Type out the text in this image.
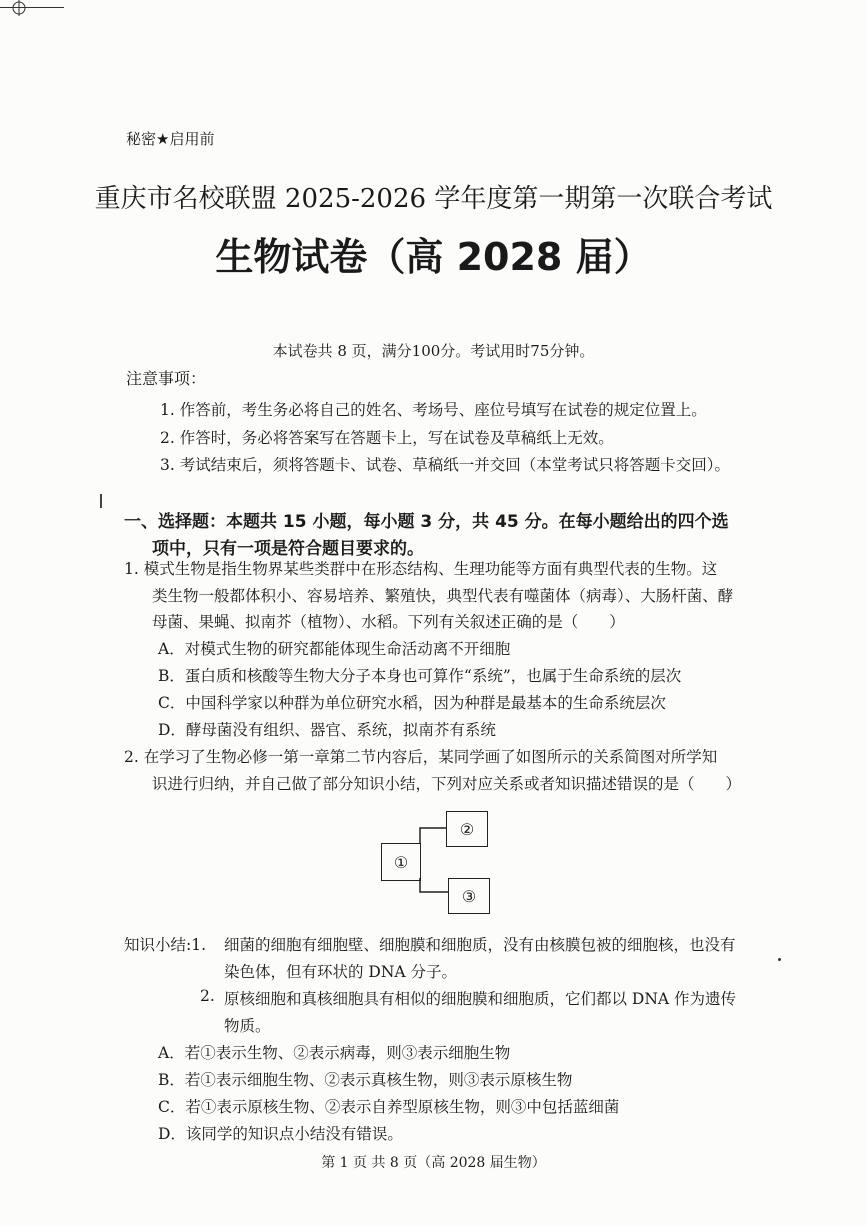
秘密★启用前
重庆市名校联盟 2025-2026 学年度第一期第一次联合考试
生物试卷（高 2028 届）
本试卷共 8 页，满分100分。考试用时75分钟。
注意事项：
1. 作答前，考生务必将自己的姓名、考场号、座位号填写在试卷的规定位置上。
2. 作答时，务必将答案写在答题卡上，写在试卷及草稿纸上无效。
3. 考试结束后，须将答题卡、试卷、草稿纸一并交回（本堂考试只将答题卡交回）。
一、选择题：本题共 15 小题，每小题 3 分，共 45 分。在每小题给出的四个选
项中，只有一项是符合题目要求的。
1. 模式生物是指生物界某些类群中在形态结构、生理功能等方面有典型代表的生物。这
类生物一般都体积小、容易培养、繁殖快，典型代表有噬菌体（病毒）、大肠杆菌、酵
母菌、果蝇、拟南芥（植物）、水稻。下列有关叙述正确的是（　　）
A．对模式生物的研究都能体现生命活动离不开细胞
B．蛋白质和核酸等生物大分子本身也可算作“系统”，也属于生命系统的层次
C．中国科学家以种群为单位研究水稻，因为种群是最基本的生命系统层次
D．酵母菌没有组织、器官、系统，拟南芥有系统
2. 在学习了生物必修一第一章第二节内容后，某同学画了如图所示的关系简图对所学知
识进行归纳，并自己做了部分知识小结，下列对应关系或者知识描述错误的是（　　）
①
②
③
知识小结:1. 细菌的细胞有细胞壁、细胞膜和细胞质，没有由核膜包被的细胞核，也没有
染色体，但有环状的 DNA 分子。
2. 原核细胞和真核细胞具有相似的细胞膜和细胞质，它们都以 DNA 作为遗传
物质。
A．若①表示生物、②表示病毒，则③表示细胞生物
B．若①表示细胞生物、②表示真核生物，则③表示原核生物
C．若①表示原核生物、②表示自养型原核生物，则③中包括蓝细菌
D．该同学的知识点小结没有错误。
第 1 页 共 8 页（高 2028 届生物）
